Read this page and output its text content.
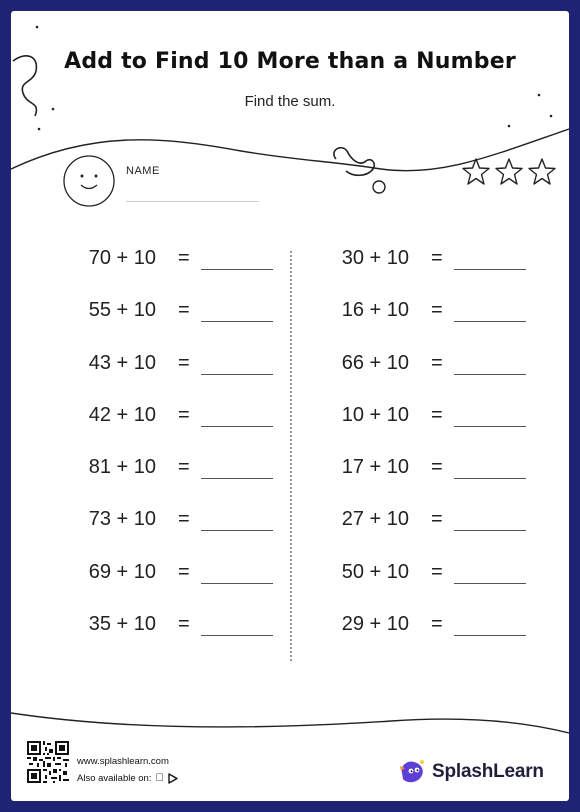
Add to Find 10 More than a Number
Find the sum.
NAME
70 + 10 =
55 + 10 =
43 + 10 =
42 + 10 =
81 + 10 =
73 + 10 =
69 + 10 =
35 + 10 =
30 + 10 =
16 + 10 =
66 + 10 =
10 + 10 =
17 + 10 =
27 + 10 =
50 + 10 =
29 + 10 =
www.splashlearn.com
Also available on:	SplashLearn
